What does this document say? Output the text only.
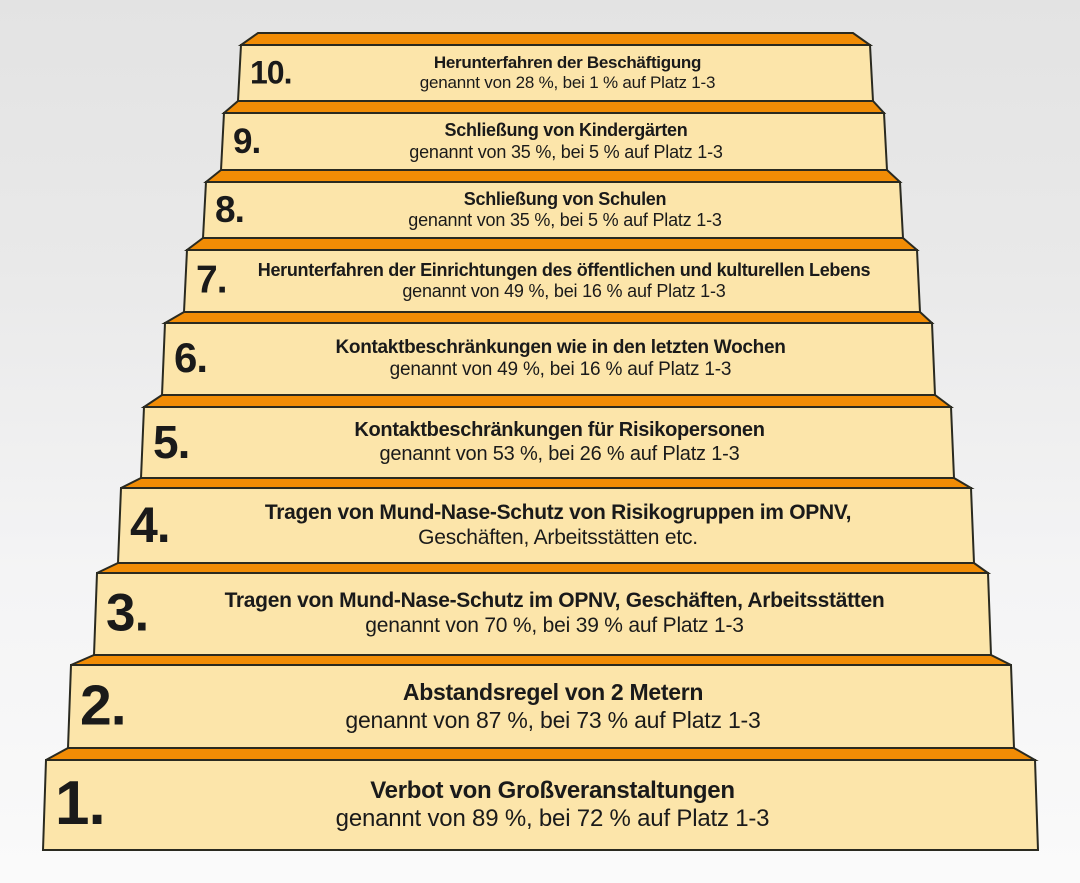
1.	Verbot von Großveranstaltungen
genannt von 89 %, bei 72 % auf Platz 1-3
2.	Abstandsregel von 2 Metern
genannt von 87 %, bei 73 % auf Platz 1-3
3.	Tragen von Mund-Nase-Schutz im OPNV, Geschäften, Arbeitsstätten
genannt von 70 %, bei 39 % auf Platz 1-3
4.	Tragen von Mund-Nase-Schutz von Risikogruppen im OPNV,
Geschäften, Arbeitsstätten etc.
5.	Kontaktbeschränkungen für Risikopersonen
genannt von 53 %, bei 26 % auf Platz 1-3
6.	Kontaktbeschränkungen wie in den letzten Wochen
genannt von 49 %, bei 16 % auf Platz 1-3
7. Herunterfahren der Einrichtungen des öffentlichen und kulturellen Lebens
genannt von 49 %, bei 16 % auf Platz 1-3
8.	Schließung von Schulen
genannt von 35 %, bei 5 % auf Platz 1-3
9.	Schließung von Kindergärten
genannt von 35 %, bei 5 % auf Platz 1-3
10.	Herunterfahren der Beschäftigung
genannt von 28 %, bei 1 % auf Platz 1-3
